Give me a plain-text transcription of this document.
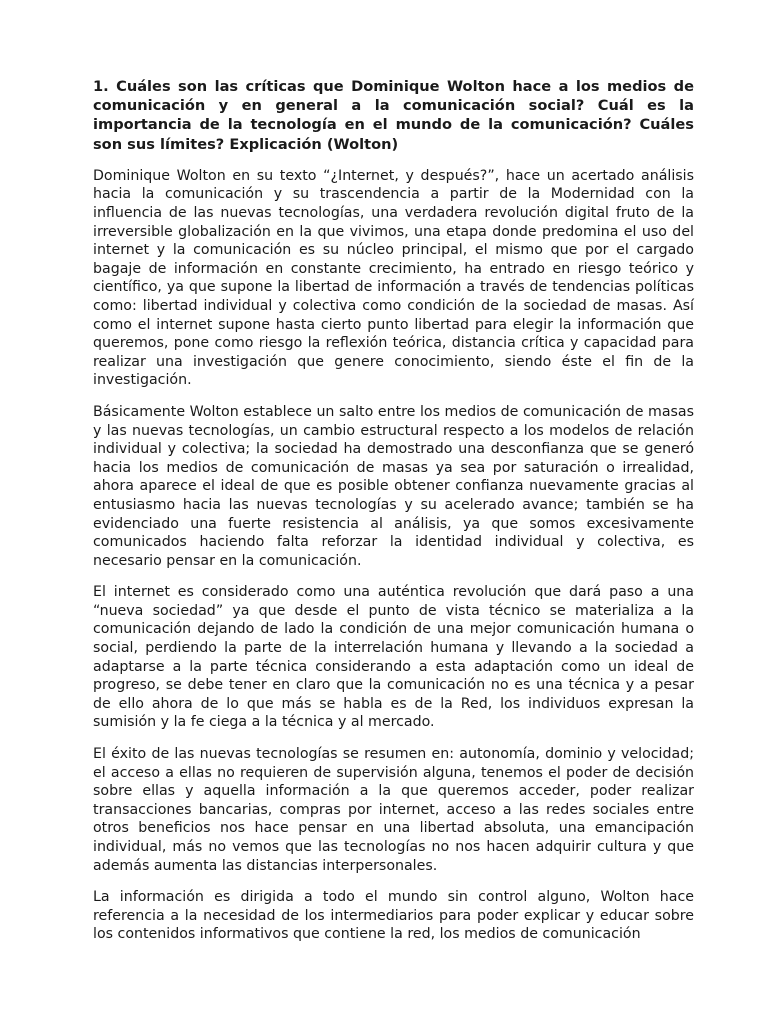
1. Cuáles son las críticas que Dominique Wolton hace a los medios de comunicación y en general a la comunicación social? Cuál es la importancia de la tecnología en el mundo de la comunicación? Cuáles son sus límites? Explicación (Wolton)

Dominique Wolton en su texto “¿Internet, y después?”, hace un acertado análisis hacia la comunicación y su trascendencia a partir de la Modernidad con la influencia de las nuevas tecnologías, una verdadera revolución digital fruto de la irreversible globalización en la que vivimos, una etapa donde predomina el uso del internet y la comunicación es su núcleo principal, el mismo que por el cargado bagaje de información en constante crecimiento, ha entrado en riesgo teórico y científico, ya que supone la libertad de información a través de tendencias políticas como: libertad individual y colectiva como condición de la sociedad de masas. Así como el internet supone hasta cierto punto libertad para elegir la información que queremos, pone como riesgo la reflexión teórica, distancia crítica y capacidad para realizar una investigación que genere conocimiento, siendo éste el fin de la investigación.

Básicamente Wolton establece un salto entre los medios de comunicación de masas y las nuevas tecnologías, un cambio estructural respecto a los modelos de relación individual y colectiva; la sociedad ha demostrado una desconfianza que se generó hacia los medios de comunicación de masas ya sea por saturación o irrealidad, ahora aparece el ideal de que es posible obtener confianza nuevamente gracias al entusiasmo hacia las nuevas tecnologías y su acelerado avance; también se ha evidenciado una fuerte resistencia al análisis, ya que somos excesivamente comunicados haciendo falta reforzar la identidad individual y colectiva, es necesario pensar en la comunicación.

El internet es considerado como una auténtica revolución que dará paso a una “nueva sociedad” ya que desde el punto de vista técnico se materializa a la comunicación dejando de lado la condición de una mejor comunicación humana o social, perdiendo la parte de la interrelación humana y llevando a la sociedad a adaptarse a la parte técnica considerando a esta adaptación como un ideal de progreso, se debe tener en claro que la comunicación no es una técnica y a pesar de ello ahora de lo que más se habla es de la Red, los individuos expresan la sumisión y la fe ciega a la técnica y al mercado.

El éxito de las nuevas tecnologías se resumen en: autonomía, dominio y velocidad; el acceso a ellas no requieren de supervisión alguna, tenemos el poder de decisión sobre ellas y aquella información a la que queremos acceder, poder realizar transacciones bancarias, compras por internet, acceso a las redes sociales entre otros beneficios nos hace pensar en una libertad absoluta, una emancipación individual, más no vemos que las tecnologías no nos hacen adquirir cultura y que además aumenta las distancias interpersonales.

La información es dirigida a todo el mundo sin control alguno, Wolton hace referencia a la necesidad de los intermediarios para poder explicar y educar sobre los contenidos informativos que contiene la red, los medios de comunicación
